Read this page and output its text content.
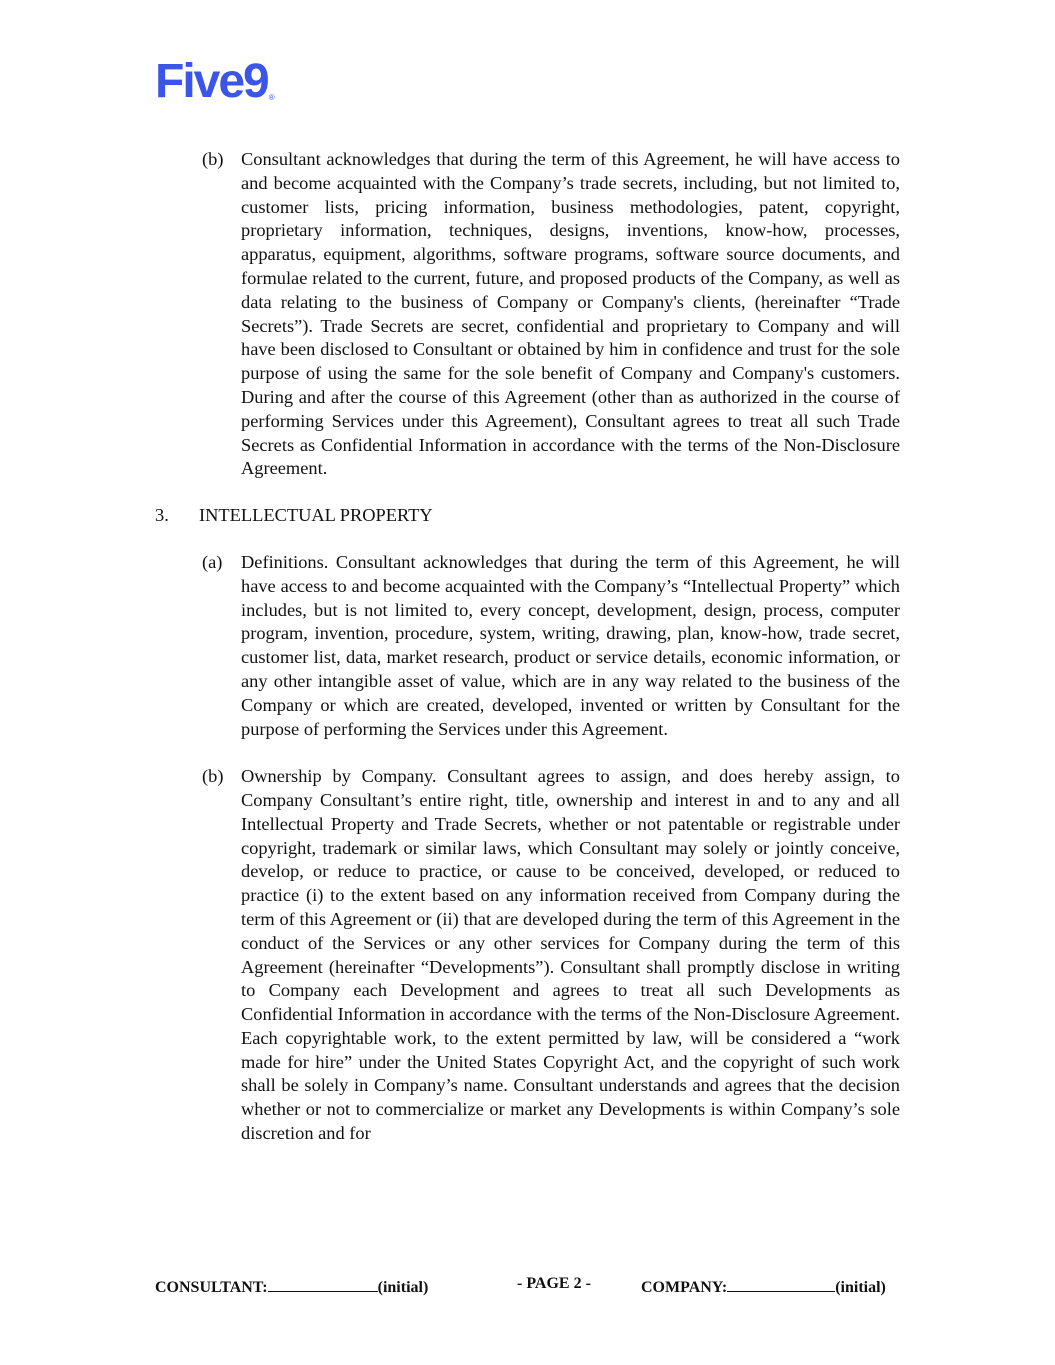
Five9 ®
(b) Consultant acknowledges that during the term of this Agreement, he will have access to and become acquainted with the Company’s trade secrets, including, but not limited to, customer lists, pricing information, business methodologies, patent, copyright, proprietary information, techniques, designs, inventions, know-how, processes, apparatus, equipment, algorithms, software programs, software source documents, and formulae related to the current, future, and proposed products of the Company, as well as data relating to the business of Company or Company's clients, (hereinafter “Trade Secrets”). Trade Secrets are secret, confidential and proprietary to Company and will have been disclosed to Consultant or obtained by him in confidence and trust for the sole purpose of using the same for the sole benefit of Company and Company's customers. During and after the course of this Agreement (other than as authorized in the course of performing Services under this Agreement), Consultant agrees to treat all such Trade Secrets as Confidential Information in accordance with the terms of the Non-Disclosure Agreement.
3.	INTELLECTUAL PROPERTY
(a)	Definitions. Consultant acknowledges that during the term of this Agreement, he will have access to and become acquainted with the Company’s “Intellectual Property” which includes, but is not limited to, every concept, development, design, process, computer program, invention, procedure, system, writing, drawing, plan, know-how, trade secret, customer list, data, market research, product or service details, economic information, or any other intangible asset of value, which are in any way related to the business of the Company or which are created, developed, invented or written by Consultant for the purpose of performing the Services under this Agreement.
(b) Ownership by Company. Consultant agrees to assign, and does hereby assign, to Company Consultant’s entire right, title, ownership and interest in and to any and all Intellectual Property and Trade Secrets, whether or not patentable or registrable under copyright, trademark or similar laws, which Consultant may solely or jointly conceive, develop, or reduce to practice, or cause to be conceived, developed, or reduced to practice (i) to the extent based on any information received from Company during the term of this Agreement or (ii) that are developed during the term of this Agreement in the conduct of the Services or any other services for Company during the term of this Agreement (hereinafter “Developments”). Consultant shall promptly disclose in writing to Company each Development and agrees to treat all such Developments as Confidential Information in accordance with the terms of the Non-Disclosure Agreement. Each copyrightable work, to the extent permitted by law, will be considered a “work made for hire” under the United States Copyright Act, and the copyright of such work shall be solely in Company’s name. Consultant understands and agrees that the decision whether or not to commercialize or market any Developments is within Company’s sole discretion and for
CONSULTANT:	(initial)	- PAGE 2 -	COMPANY:	(initial)
